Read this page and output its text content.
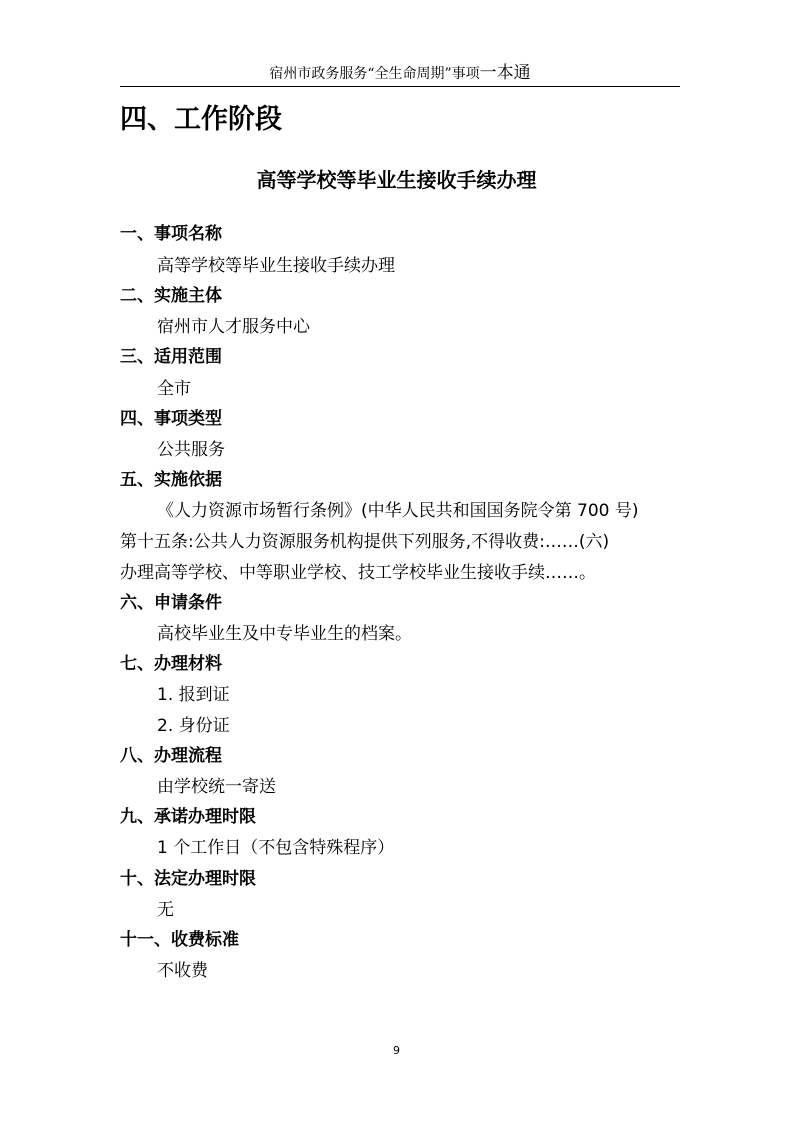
宿州市政务服务“全生命周期”事项一本通
四、工作阶段
高等学校等毕业生接收手续办理
一、事项名称
高等学校等毕业生接收手续办理
二、实施主体
宿州市人才服务中心
三、适用范围
全市
四、事项类型
公共服务
五、实施依据
《人力资源市场暂行条例》(中华人民共和国国务院令第 700 号)
第十五条:公共人力资源服务机构提供下列服务,不得收费:……(六)
办理高等学校、中等职业学校、技工学校毕业生接收手续……。
六、申请条件
高校毕业生及中专毕业生的档案。
七、办理材料
1. 报到证
2. 身份证
八、办理流程
由学校统一寄送
九、承诺办理时限
1 个工作日（不包含特殊程序）
十、法定办理时限
无
十一、收费标准
不收费
9
